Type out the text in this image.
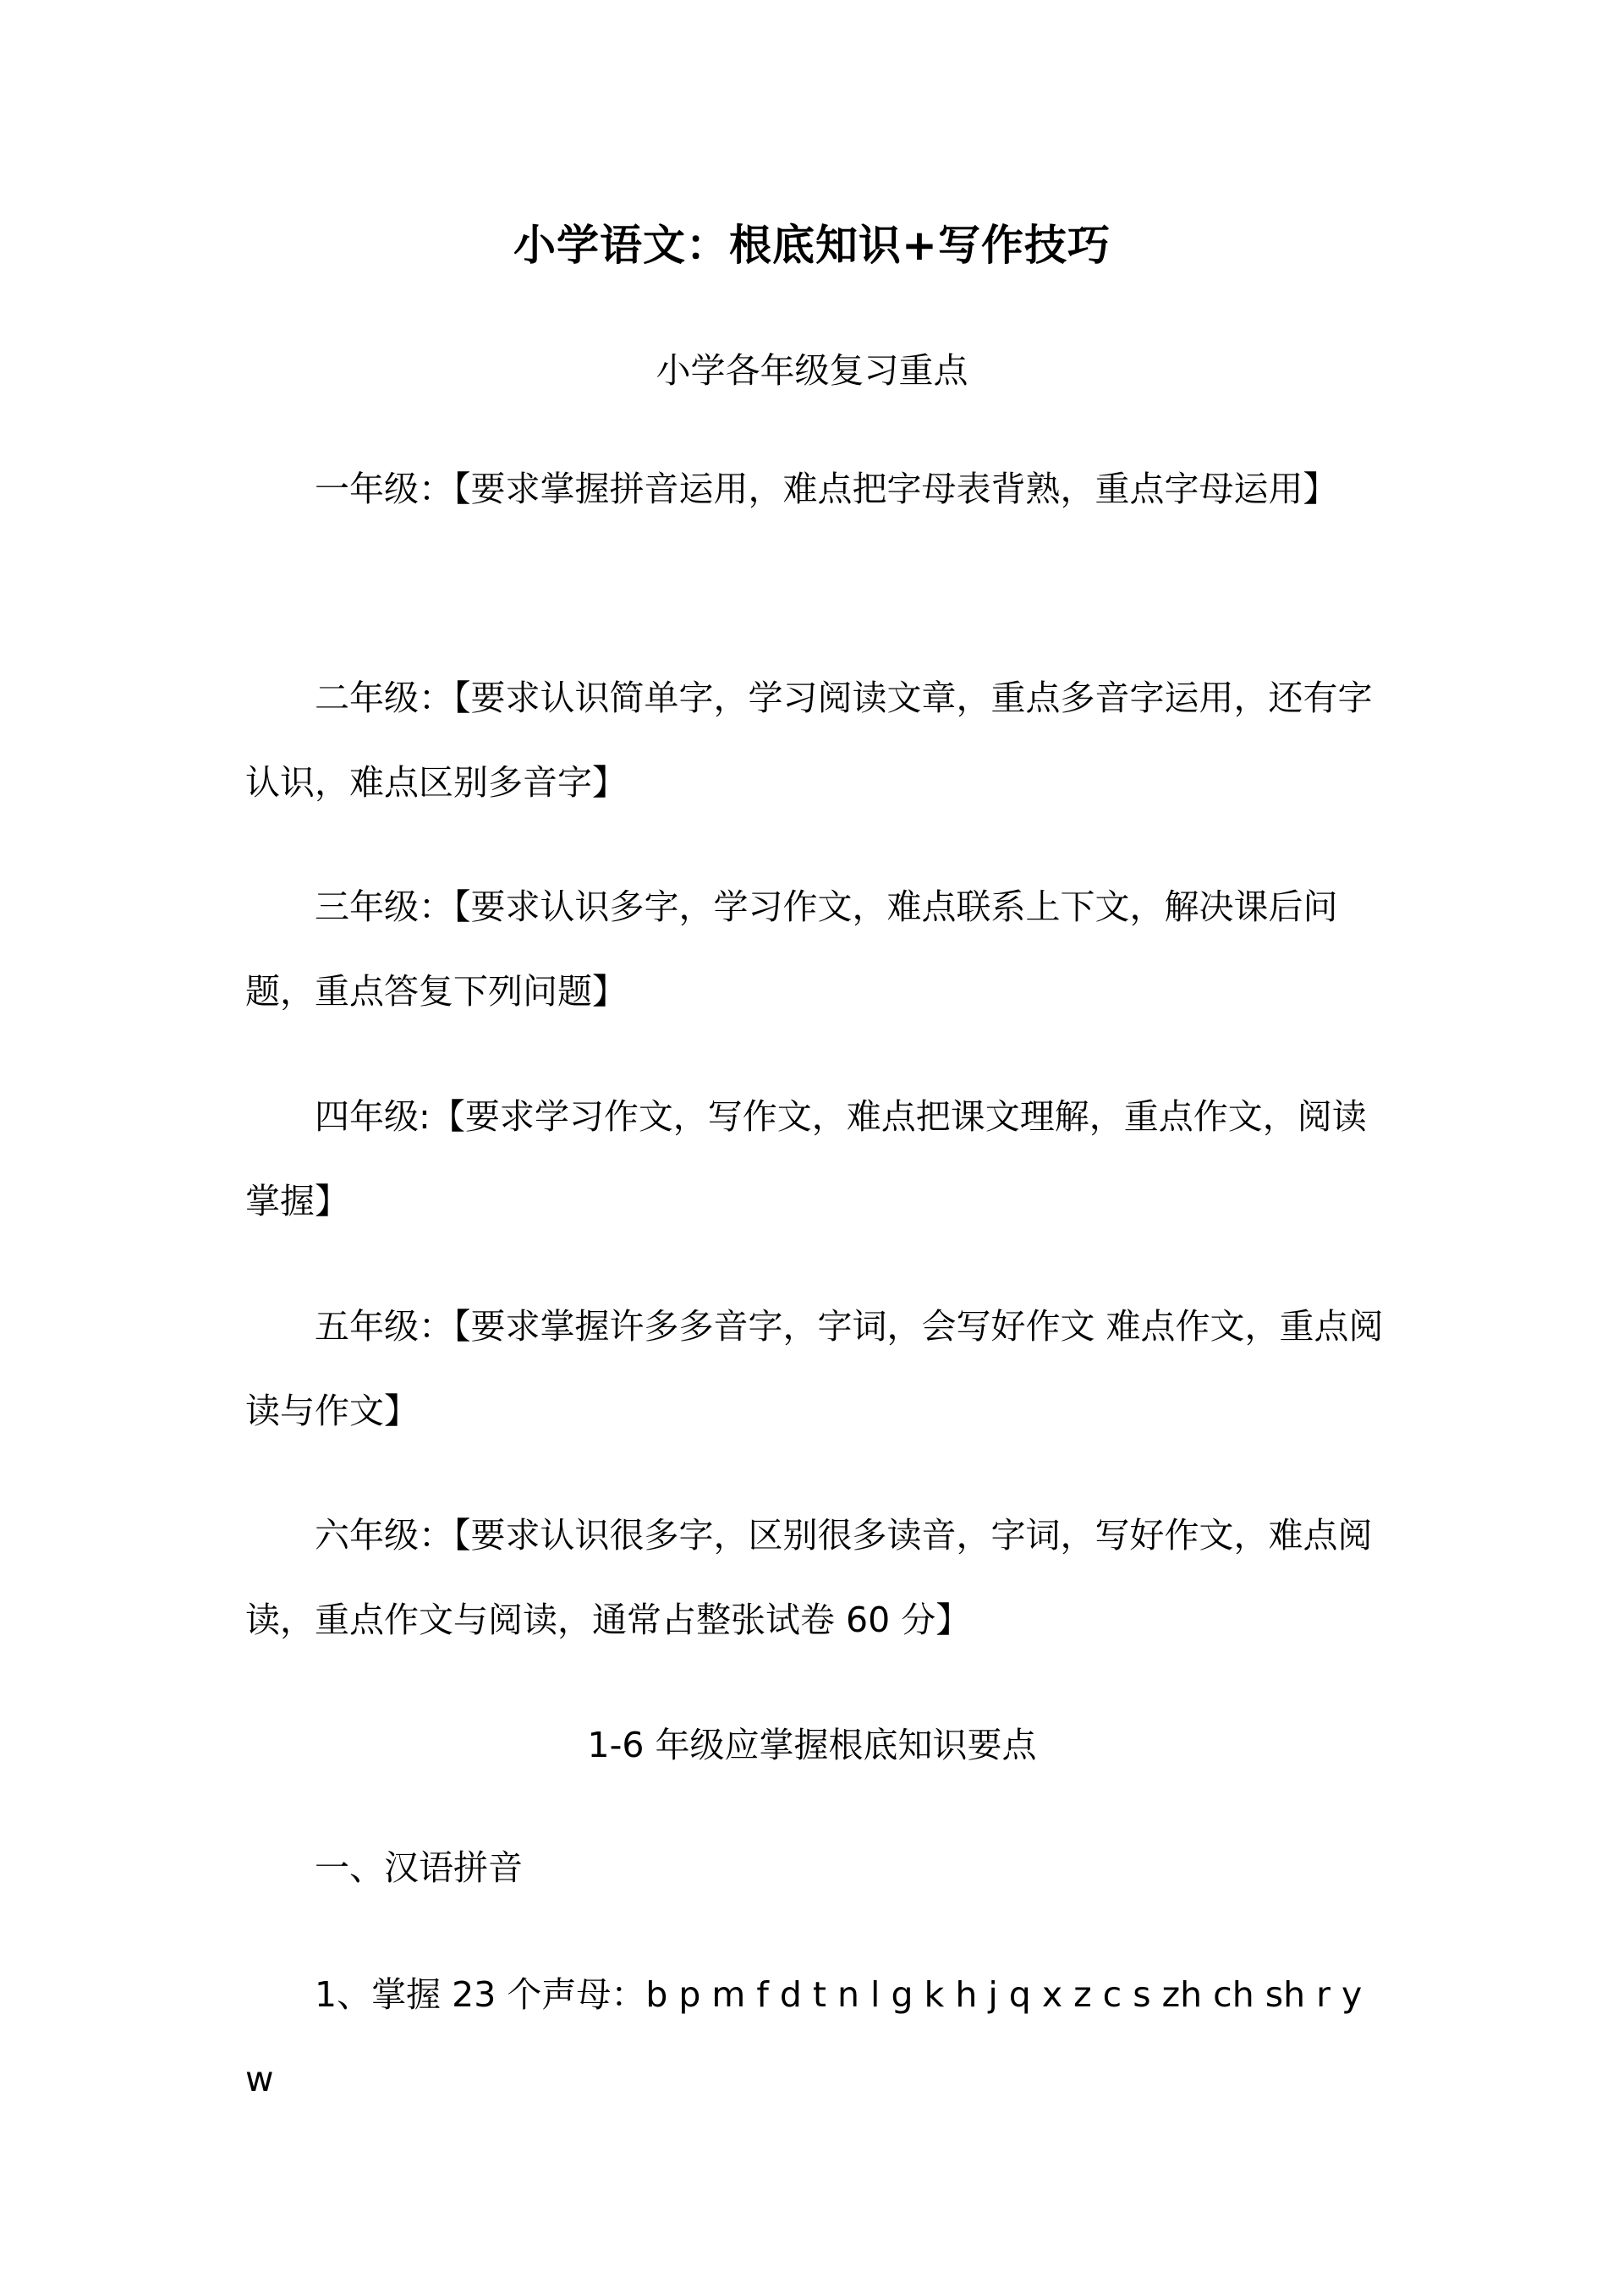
小学语文：根底知识+写作技巧
小学各年级复习重点
一年级：【要求掌握拼音运用，难点把字母表背熟，重点字母运用】
二年级：【要求认识简单字，学习阅读文章，重点多音字运用，还有字认识，难点区别多音字】
三年级：【要求认识多字，学习作文，难点联系上下文，解决课后问题，重点答复下列问题】
四年级:【要求学习作文，写作文，难点把课文理解，重点作文，阅读掌握】
五年级：【要求掌握许多多音字，字词，会写好作文 难点作文，重点阅读与作文】
六年级：【要求认识很多字，区别很多读音，字词，写好作文，难点阅读，重点作文与阅读，通常占整张试卷 60 分】
1-6 年级应掌握根底知识要点
一、汉语拼音
1、掌握 23 个声母：b p m f d t n l g k h j q x z c s zh ch sh r y w
